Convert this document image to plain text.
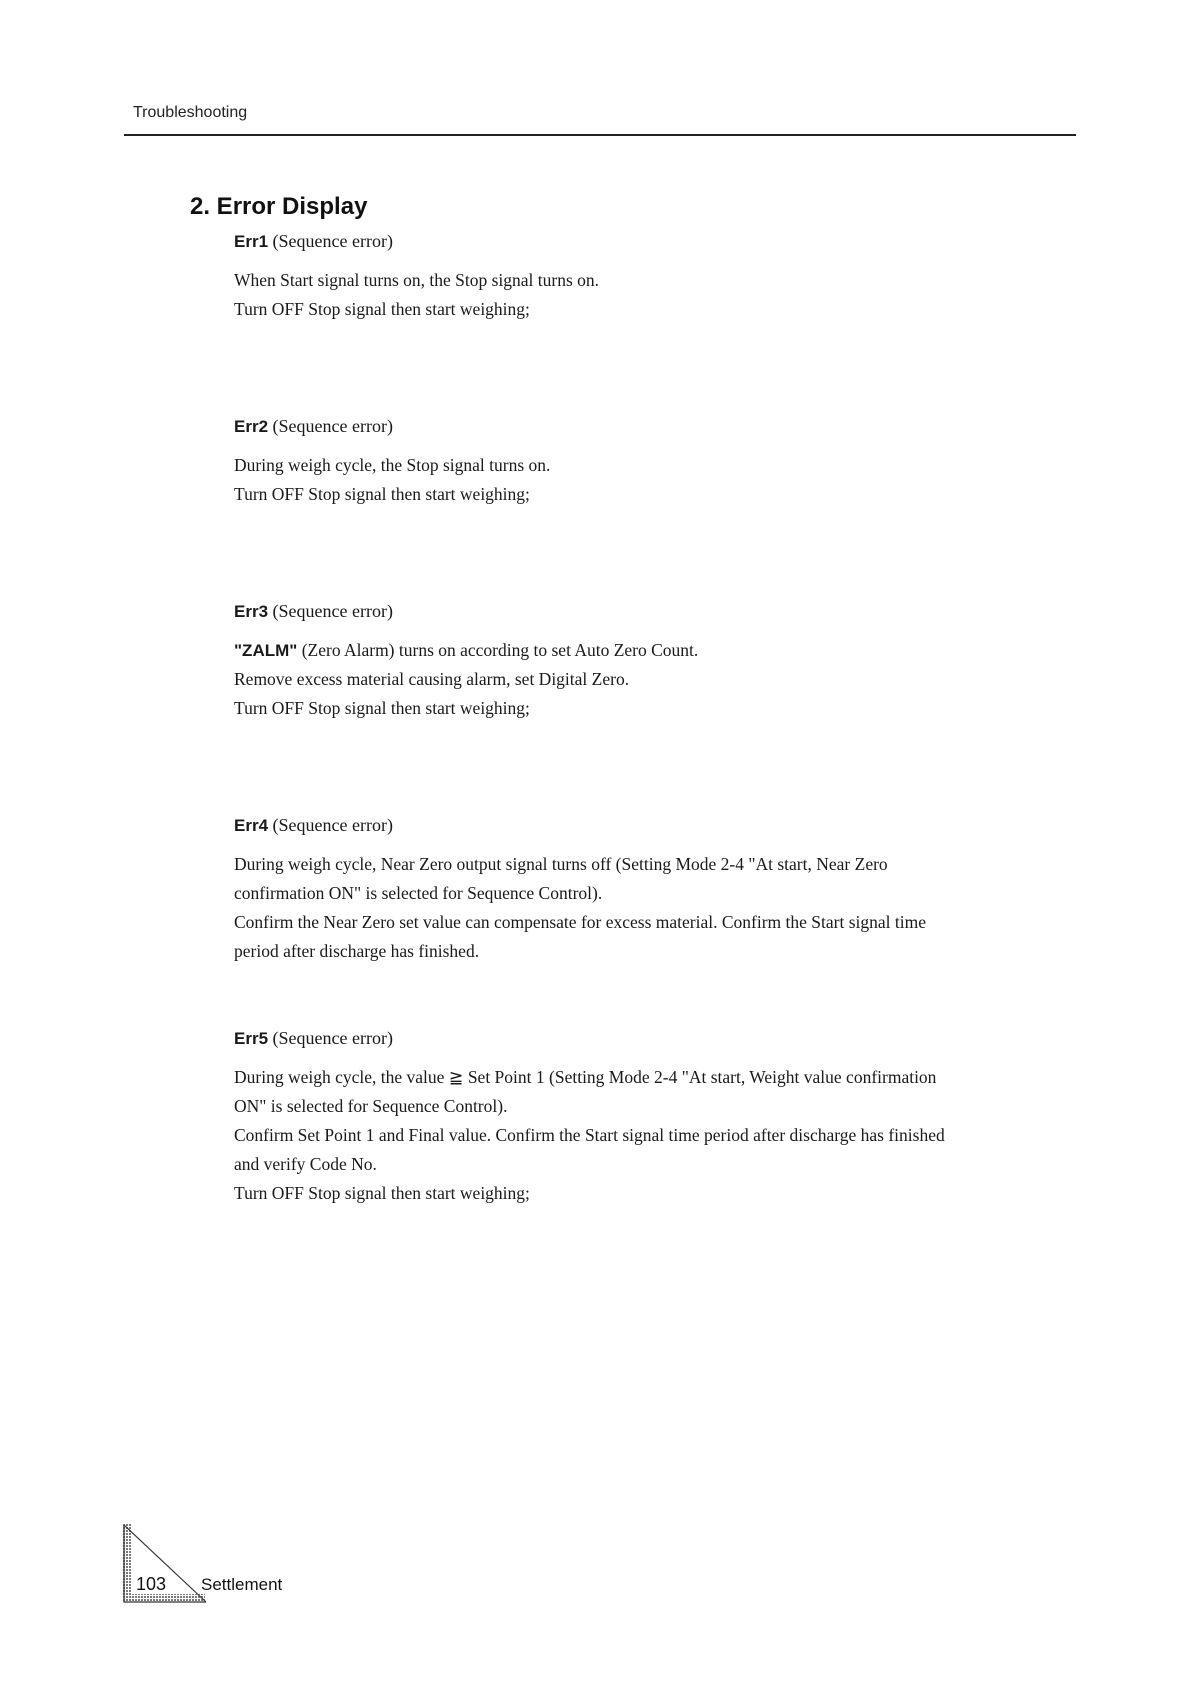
Troubleshooting
2. Error Display

Err1 (Sequence error)

When Start signal turns on, the Stop signal turns on.

Turn OFF Stop signal then start weighing;

Err2 (Sequence error)

During weigh cycle, the Stop signal turns on.

Turn OFF Stop signal then start weighing;

Err3 (Sequence error)

"ZALM" (Zero Alarm) turns on according to set Auto Zero Count.

Remove excess material causing alarm, set Digital Zero.

Turn OFF Stop signal then start weighing;

Err4 (Sequence error)

During weigh cycle, Near Zero output signal turns off (Setting Mode 2-4 "At start, Near Zero

confirmation ON" is selected for Sequence Control).

Confirm the Near Zero set value can compensate for excess material. Confirm the Start signal time

period after discharge has finished.

Err5 (Sequence error)

During weigh cycle, the value ≧ Set Point 1 (Setting Mode 2-4 "At start, Weight value confirmation

ON" is selected for Sequence Control).

Confirm Set Point 1 and Final value. Confirm the Start signal time period after discharge has finished

and verify Code No.

Turn OFF Stop signal then start weighing;

103 Settlement
